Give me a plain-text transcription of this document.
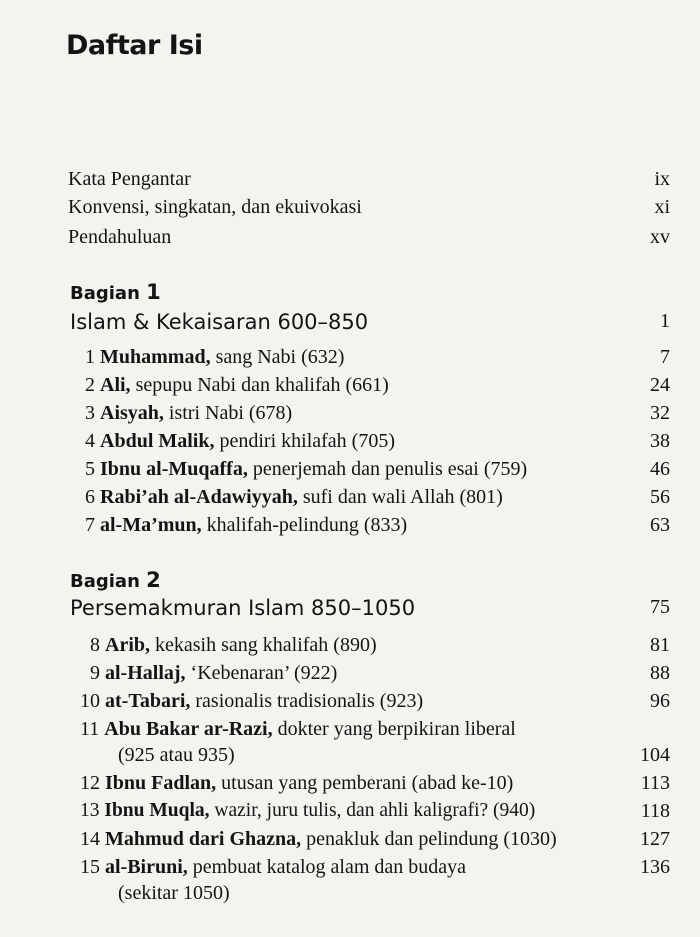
Daftar Isi
Kata Pengantar	ix
Konvensi, singkatan, dan ekuivokasi	xi
Pendahuluan	xv
Bagian 1
Islam & Kekaisaran 600–850	1
1 Muhammad, sang Nabi (632)	7
2 Ali, sepupu Nabi dan khalifah (661)	24
3 Aisyah, istri Nabi (678)	32
4 Abdul Malik, pendiri khilafah (705)	38
5 Ibnu al-Muqaffa, penerjemah dan penulis esai (759)	46
6 Rabi’ah al-Adawiyyah, sufi dan wali Allah (801)	56
7 al-Ma’mun, khalifah-pelindung (833)	63
Bagian 2
Persemakmuran Islam 850–1050	75
8 Arib, kekasih sang khalifah (890)	81
9 al-Hallaj, ‘Kebenaran’ (922)	88
10 at-Tabari, rasionalis tradisionalis (923)	96
11 Abu Bakar ar-Razi, dokter yang berpikiran liberal
(925 atau 935)	104
12 Ibnu Fadlan, utusan yang pemberani (abad ke-10)	113
13 Ibnu Muqla, wazir, juru tulis, dan ahli kaligrafi? (940)	118
14 Mahmud dari Ghazna, penakluk dan pelindung (1030)	127
15 al-Biruni, pembuat katalog alam dan budaya	136
(sekitar 1050)
